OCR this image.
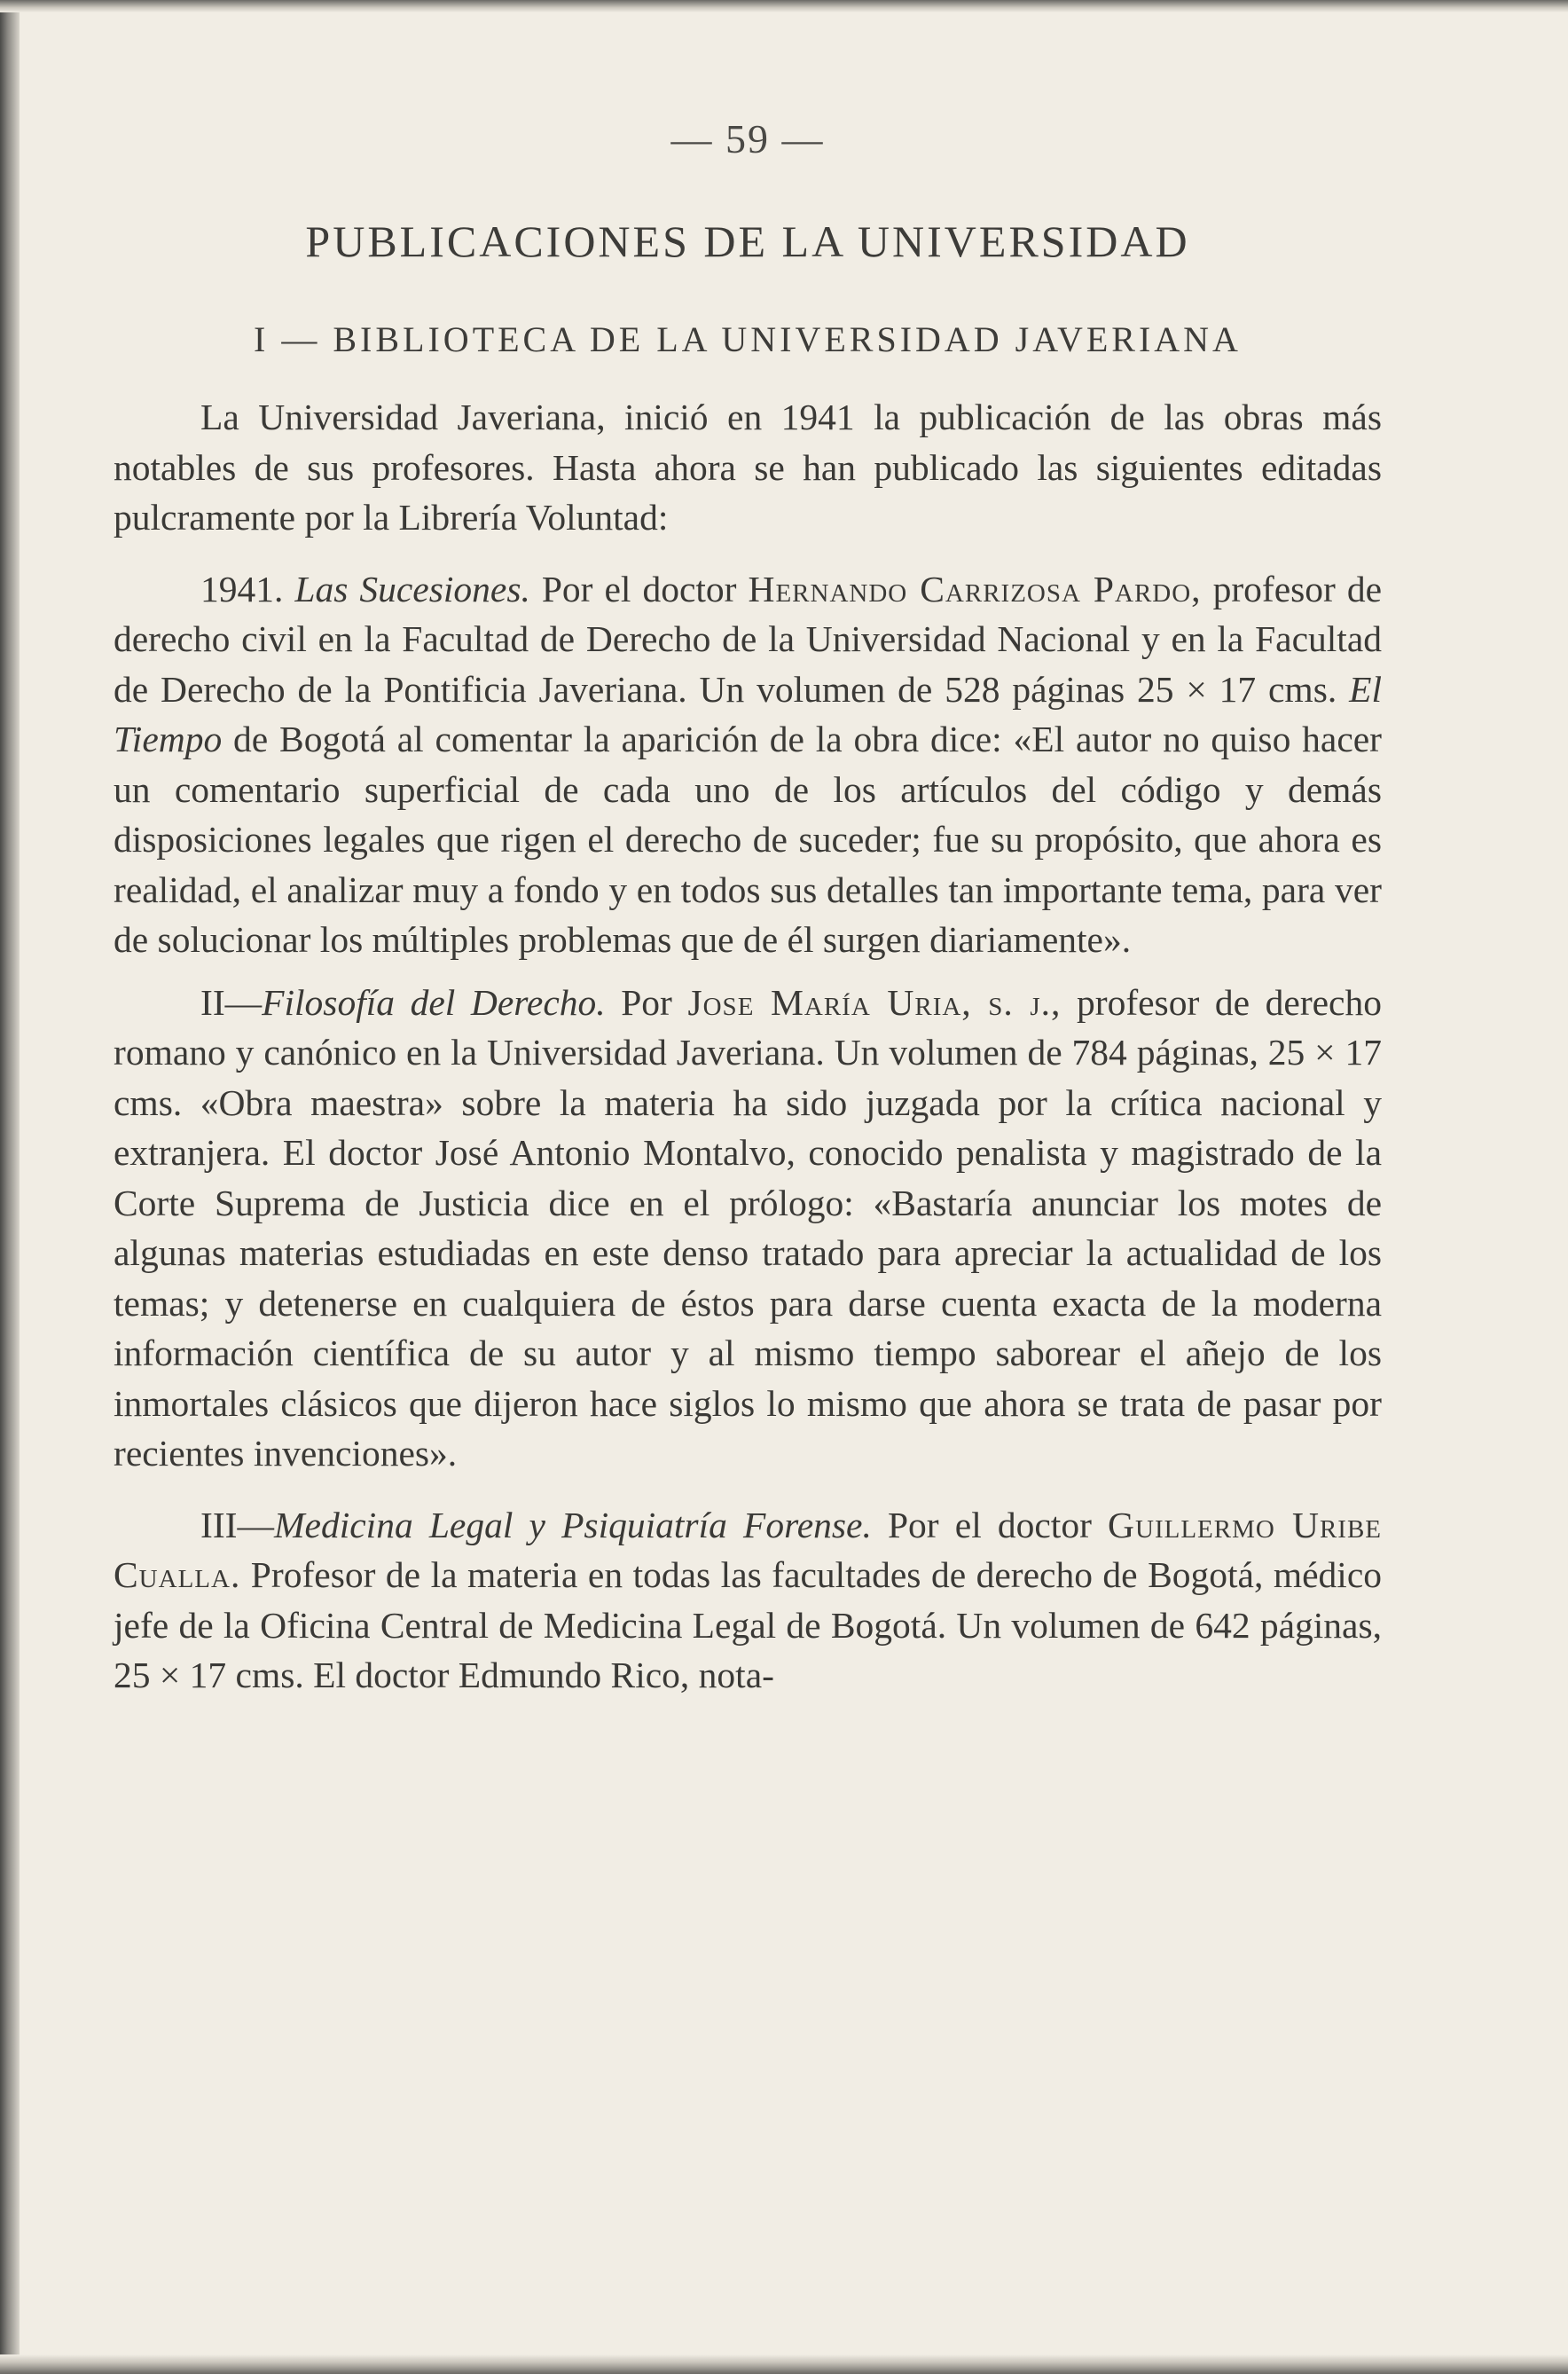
— 59 —
PUBLICACIONES DE LA UNIVERSIDAD
I — BIBLIOTECA DE LA UNIVERSIDAD JAVERIANA

La Universidad Javeriana, inició en 1941 la publicación de las obras más notables de sus profesores. Hasta ahora se han publicado las siguientes editadas pulcramente por la Librería Voluntad:

1941. Las Sucesiones. Por el doctor Hernando Carrizosa Pardo, profesor de derecho civil en la Facultad de Derecho de la Universidad Nacional y en la Facultad de Derecho de la Pontificia Javeriana. Un volumen de 528 páginas 25 × 17 cms. El Tiempo de Bogotá al comentar la aparición de la obra dice: «El autor no quiso hacer un comentario superficial de cada uno de los artículos del código y demás disposiciones legales que rigen el derecho de suceder; fue su propósito, que ahora es realidad, el analizar muy a fondo y en todos sus detalles tan importante tema, para ver de solucionar los múltiples problemas que de él surgen diariamente».

II—Filosofía del Derecho. Por Jose María Uria, s. j., profesor de derecho romano y canónico en la Universidad Javeriana. Un volumen de 784 páginas, 25 × 17 cms. «Obra maestra» sobre la materia ha sido juzgada por la crítica nacional y extranjera. El doctor José Antonio Montalvo, conocido penalista y magistrado de la Corte Suprema de Justicia dice en el prólogo: «Bastaría anunciar los motes de algunas materias estudiadas en este denso tratado para apreciar la actualidad de los temas; y detenerse en cualquiera de éstos para darse cuenta exacta de la moderna información científica de su autor y al mismo tiempo saborear el añejo de los inmortales clásicos que dijeron hace siglos lo mismo que ahora se trata de pasar por recientes invenciones».

III—Medicina Legal y Psiquiatría Forense. Por el doctor Guillermo Uribe Cualla. Profesor de la materia en todas las facultades de derecho de Bogotá, médico jefe de la Oficina Central de Medicina Legal de Bogotá. Un volumen de 642 páginas, 25 × 17 cms. El doctor Edmundo Rico, nota-
